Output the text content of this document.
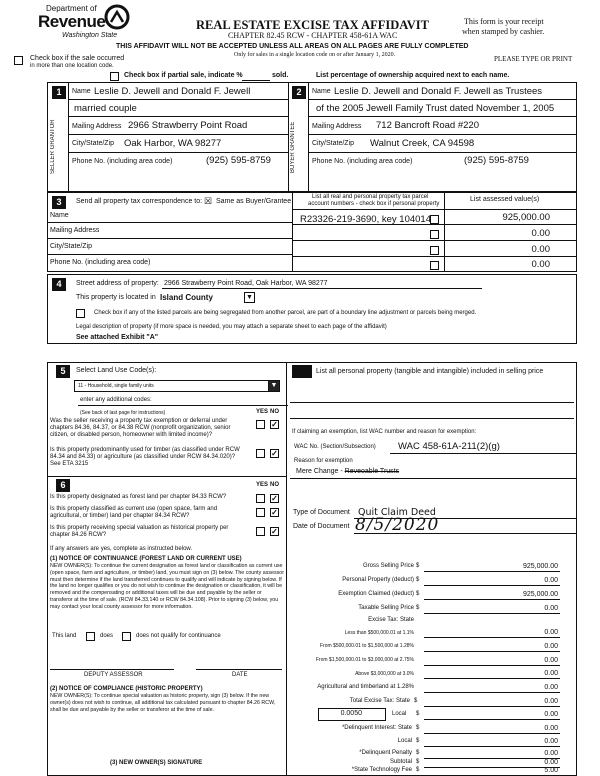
Department of
Revenue
Washington State
REAL ESTATE EXCISE TAX AFFIDAVIT
CHAPTER 82.45 RCW - CHAPTER 458-61A WAC
This form is your receipt
when stamped by cashier.
THIS AFFIDAVIT WILL NOT BE ACCEPTED UNLESS ALL AREAS ON ALL PAGES ARE FULLY COMPLETED
Only for sales in a single location code on or after January 1, 2020.	PLEASE TYPE OR PRINT
Check box if the sale occurred
in more than one location code.
Check box if partial sale, indicate %	sold.	List percentage of ownership acquired next to each name.
1
SELLER GRANTOR
Name Leslie D. Jewell and Donald F. Jewell
married couple
Mailing Address 2966 Strawberry Point Road
City/State/Zip Oak Harbor, WA 98277
Phone No. (including area code)	(925) 595-8759
2
BUYER GRANTEE
Name Leslie D. Jewell and Donald F. Jewell as Trustees
of the 2005 Jewell Family Trust dated November 1, 2005
Mailing Address 712 Bancroft Road #220
City/State/Zip Walnut Creek, CA 94598
Phone No. (including area code)	(925) 595-8759
3	Send all property tax correspondence to: ☒ Same as Buyer/Grantee
List all real and personal property tax parcel
account numbers - check box if personal property
List assessed value(s)
Name
Mailing Address
City/State/Zip
Phone No. (including area code)
R23326-219-3690, key 104014	925,000.00
0.00
0.00
0.00
4	Street address of property: 2966 Strawberry Point Road, Oak Harbor, WA 98277
This property is located in Island County	▼
Check box if any of the listed parcels are being segregated from another parcel, are part of a boundary line adjustment or parcels being merged.
Legal description of property (if more space is needed, you may attach a separate sheet to each page of the affidavit)
See attached Exhibit "A"
5	Select Land Use Code(s):
11 - Household, single family units	▼
enter any additional codes:
(See back of last page for instructions)	YES NO
Was the seller receiving a property tax exemption or deferral under chapters 84.36, 84.37, or 84.38 RCW (nonprofit organization, senior citizen, or disabled person, homeowner with limited income)?
✓
Is this property predominantly used for timber (as classified under RCW 84.34 and 84.33) or agriculture (as classified under RCW 84.34.020)? See ETA 3215
✓
6	YES NO
Is this property designated as forest land per chapter 84.33 RCW?	✓
Is this property classified as current use (open space, farm and agricultural, or timber) land per chapter 84.34 RCW?	✓
Is this property receiving special valuation as historical property per chapter 84.26 RCW?	✓
If any answers are yes, complete as instructed below.
(1) NOTICE OF CONTINUANCE (FOREST LAND OR CURRENT USE)
NEW OWNER(S): To continue the current designation as forest land or classification as current use (open space, farm and agriculture, or timber) land, you must sign on (3) below. The county assessor must then determine if the land transferred continues to qualify and will indicate by signing below. If the land no longer qualifies or you do not wish to continue the designation or classification, it will be removed and the compensating or additional taxes will be due and payable by the seller or transferor at the time of sale. (RCW 84.33.140 or RCW 84.34.108). Prior to signing (3) below, you may contact your local county assessor for more information.
This land	does	does not qualify for continuance
DEPUTY ASSESSOR	DATE
(2) NOTICE OF COMPLIANCE (HISTORIC PROPERTY)
NEW OWNER(S): To continue special valuation as historic property, sign (3) below. If the new owner(s) does not wish to continue, all additional tax calculated pursuant to chapter 84.26 RCW, shall be due and payable by the seller or transferor at the time of sale.
(3) NEW OWNER(S) SIGNATURE
List all personal property (tangible and intangible) included in selling price
If claiming an exemption, list WAC number and reason for exemption:
WAC No. (Section/Subsection) WAC 458-61A-211(2)(g)
Reason for exemption
Mere Change - Reveoable Trusts
Type of Document Quit Claim Deed
Date of Document 8/5/2020
Gross Selling Price $	925,000.00
Personal Property (deduct) $	0.00
Exemption Claimed (deduct) $	925,000.00
Taxable Selling Price $	0.00
Excise Tax: State
Less than $500,000.01 at 1.1%	0.00
From $500,000.01 to $1,500,000 at 1.28%	0.00
From $1,500,000.01 to $3,000,000 at 2.75%	0.00
Above $3,000,000 at 3.0%	0.00
Agricultural and timberland at 1.28%	0.00
Total Excise Tax: State $	0.00
0.0050	Local $	0.00
*Delinquent Interest: State $	0.00
Local $	0.00
*Delinquent Penalty $	0.00
Subtotal $	0.00
*State Technology Fee $	5.00
